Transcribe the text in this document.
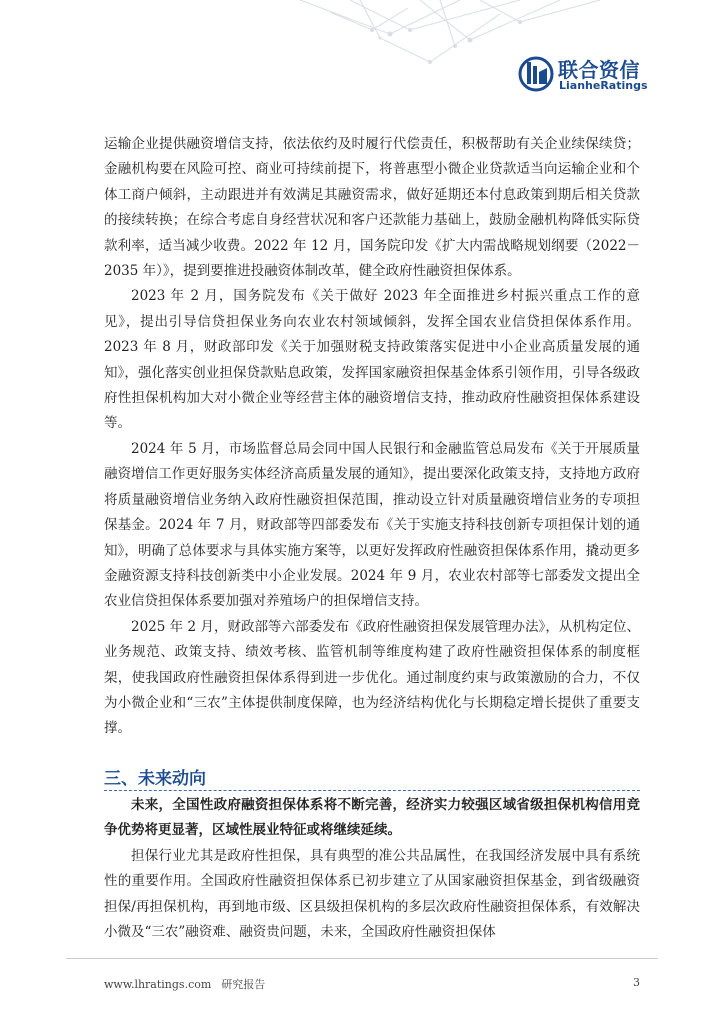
联合资信
LianheRatings

运输企业提供融资增信支持，依法依约及时履行代偿责任，积极帮助有关企业续保续贷；金融机构要在风险可控、商业可持续前提下，将普惠型小微企业贷款适当向运输企业和个体工商户倾斜，主动跟进并有效满足其融资需求，做好延期还本付息政策到期后相关贷款的接续转换；在综合考虑自身经营状况和客户还款能力基础上，鼓励金融机构降低实际贷款利率，适当减少收费。2022 年 12 月，国务院印发《扩大内需战略规划纲要（2022－2035 年）》，提到要推进投融资体制改革，健全政府性融资担保体系。

2023 年 2 月，国务院发布《关于做好 2023 年全面推进乡村振兴重点工作的意见》，提出引导信贷担保业务向农业农村领域倾斜，发挥全国农业信贷担保体系作用。2023 年 8 月，财政部印发《关于加强财税支持政策落实促进中小企业高质量发展的通知》，强化落实创业担保贷款贴息政策，发挥国家融资担保基金体系引领作用，引导各级政府性担保机构加大对小微企业等经营主体的融资增信支持，推动政府性融资担保体系建设等。

2024 年 5 月，市场监督总局会同中国人民银行和金融监管总局发布《关于开展质量融资增信工作更好服务实体经济高质量发展的通知》，提出要深化政策支持，支持地方政府将质量融资增信业务纳入政府性融资担保范围，推动设立针对质量融资增信业务的专项担保基金。2024 年 7 月，财政部等四部委发布《关于实施支持科技创新专项担保计划的通知》，明确了总体要求与具体实施方案等，以更好发挥政府性融资担保体系作用，撬动更多金融资源支持科技创新类中小企业发展。2024 年 9 月，农业农村部等七部委发文提出全农业信贷担保体系要加强对养殖场户的担保增信支持。

2025 年 2 月，财政部等六部委发布《政府性融资担保发展管理办法》，从机构定位、业务规范、政策支持、绩效考核、监管机制等维度构建了政府性融资担保体系的制度框架，使我国政府性融资担保体系得到进一步优化。通过制度约束与政策激励的合力，不仅为小微企业和“三农”主体提供制度保障，也为经济结构优化与长期稳定增长提供了重要支撑。

三、未来动向

未来，全国性政府融资担保体系将不断完善，经济实力较强区域省级担保机构信用竞争优势将更显著，区域性展业特征或将继续延续。

担保行业尤其是政府性担保，具有典型的准公共品属性，在我国经济发展中具有系统性的重要作用。全国政府性融资担保体系已初步建立了从国家融资担保基金，到省级融资担保/再担保机构，再到地市级、区县级担保机构的多层次政府性融资担保体系，有效解决小微及“三农”融资难、融资贵问题，未来，全国政府性融资担保体

www.lhratings.com 研究报告	3
